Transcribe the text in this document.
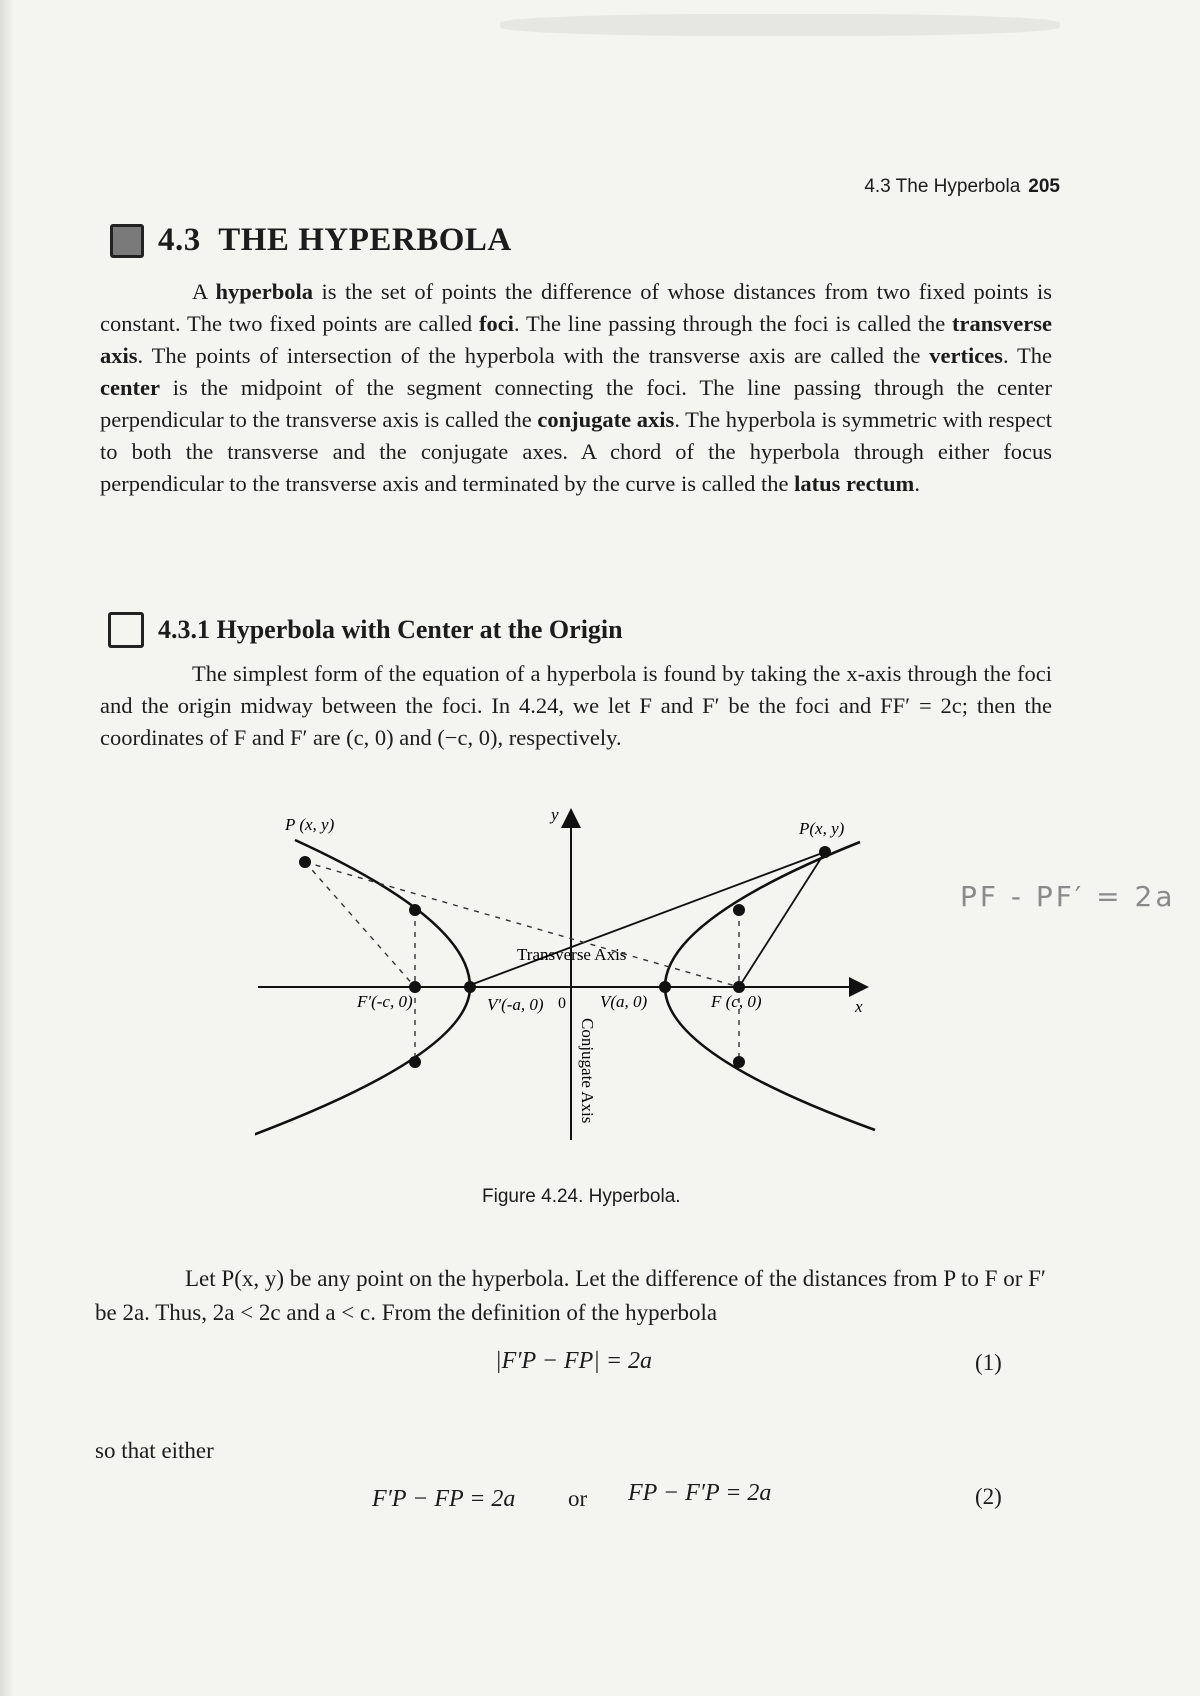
4.3 The Hyperbola 205
4.3
THE HYPERBOLA

A hyperbola is the set of points the difference of whose distances from two fixed points is constant. The two fixed points are called foci. The line passing through the foci is called the transverse axis. The points of intersection of the hyperbola with the transverse axis are called the vertices. The center is the midpoint of the segment connecting the foci. The line passing through the center perpendicular to the transverse axis is called the conjugate axis. The hyperbola is symmetric with respect to both the transverse and the conjugate axes. A chord of the hyperbola through either focus perpendicular to the transverse axis and terminated by the curve is called the latus rectum.

4.3.1
Hyperbola with Center at the Origin

The simplest form of the equation of a hyperbola is found by taking the x-axis through the foci and the origin midway between the foci. In 4.24, we let F and F′ be the foci and FF′ = 2c; then the coordinates of F and F′ are (c, 0) and (−c, 0), respectively.

P (x, y)	P(x, y)
y
x
F′(-c, 0)	V′(-a, 0) 0 V(a, 0)	F (c, 0)
Transverse Axis
Conjugate Axis
Figure 4.24. Hyperbola.
PF - PF′ = 2a

Let P(x, y) be any point on the hyperbola. Let the difference of the distances from P to F or F′ be 2a. Thus, 2a < 2c and a < c. From the definition of the hyperbola

|F′P − FP| = 2a	(1)
so that either
F′P − FP = 2a or FP − F′P = 2a	(2)
